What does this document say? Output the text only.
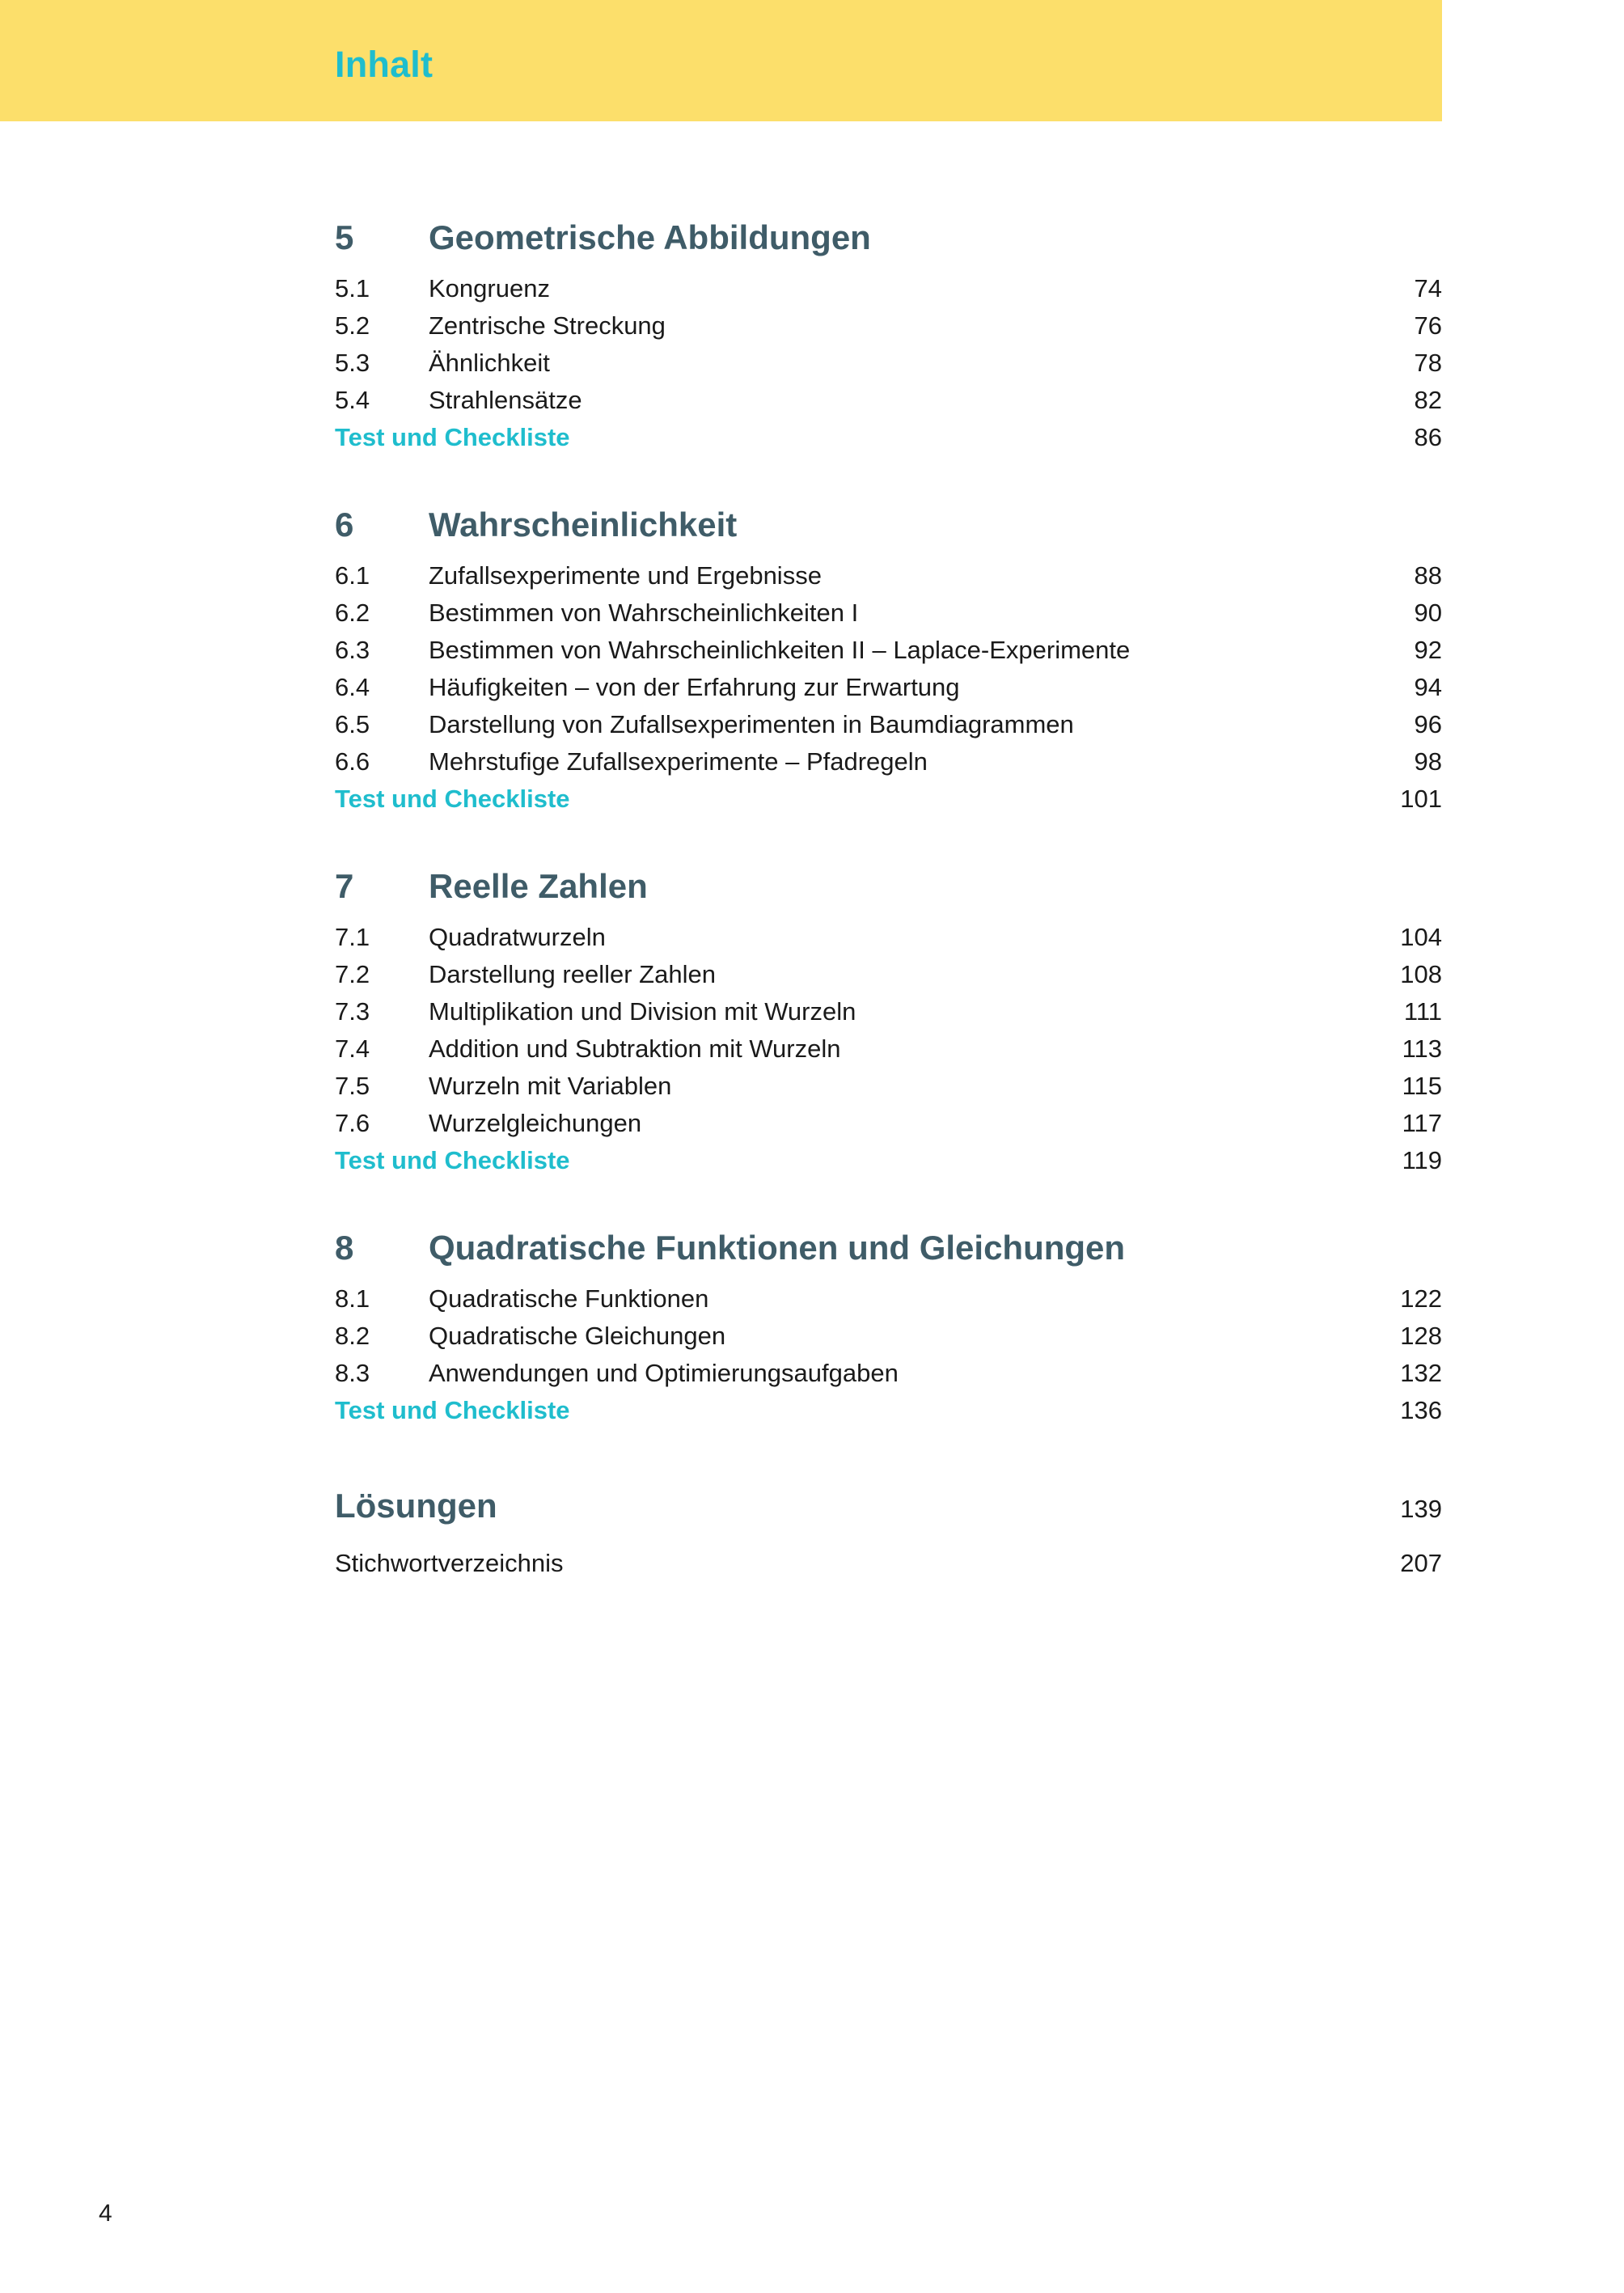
Inhalt
5	Geometrische Abbildungen
5.1	Kongruenz	74
5.2	Zentrische Streckung	76
5.3	Ähnlichkeit	78
5.4	Strahlensätze	82
Test und Checkliste	86
6	Wahrscheinlichkeit
6.1	Zufallsexperimente und Ergebnisse	88
6.2	Bestimmen von Wahrscheinlichkeiten I	90
6.3	Bestimmen von Wahrscheinlichkeiten II – Laplace-Experimente	92
6.4	Häufigkeiten – von der Erfahrung zur Erwartung	94
6.5	Darstellung von Zufallsexperimenten in Baumdiagrammen	96
6.6	Mehrstufige Zufallsexperimente – Pfadregeln	98
Test und Checkliste	101
7	Reelle Zahlen
7.1	Quadratwurzeln	104
7.2	Darstellung reeller Zahlen	108
7.3	Multiplikation und Division mit Wurzeln	111
7.4	Addition und Subtraktion mit Wurzeln	113
7.5	Wurzeln mit Variablen	115
7.6	Wurzelgleichungen	117
Test und Checkliste	119
8	Quadratische Funktionen und Gleichungen
8.1	Quadratische Funktionen	122
8.2	Quadratische Gleichungen	128
8.3	Anwendungen und Optimierungsaufgaben	132
Test und Checkliste	136
Lösungen	139
Stichwortverzeichnis	207
4
